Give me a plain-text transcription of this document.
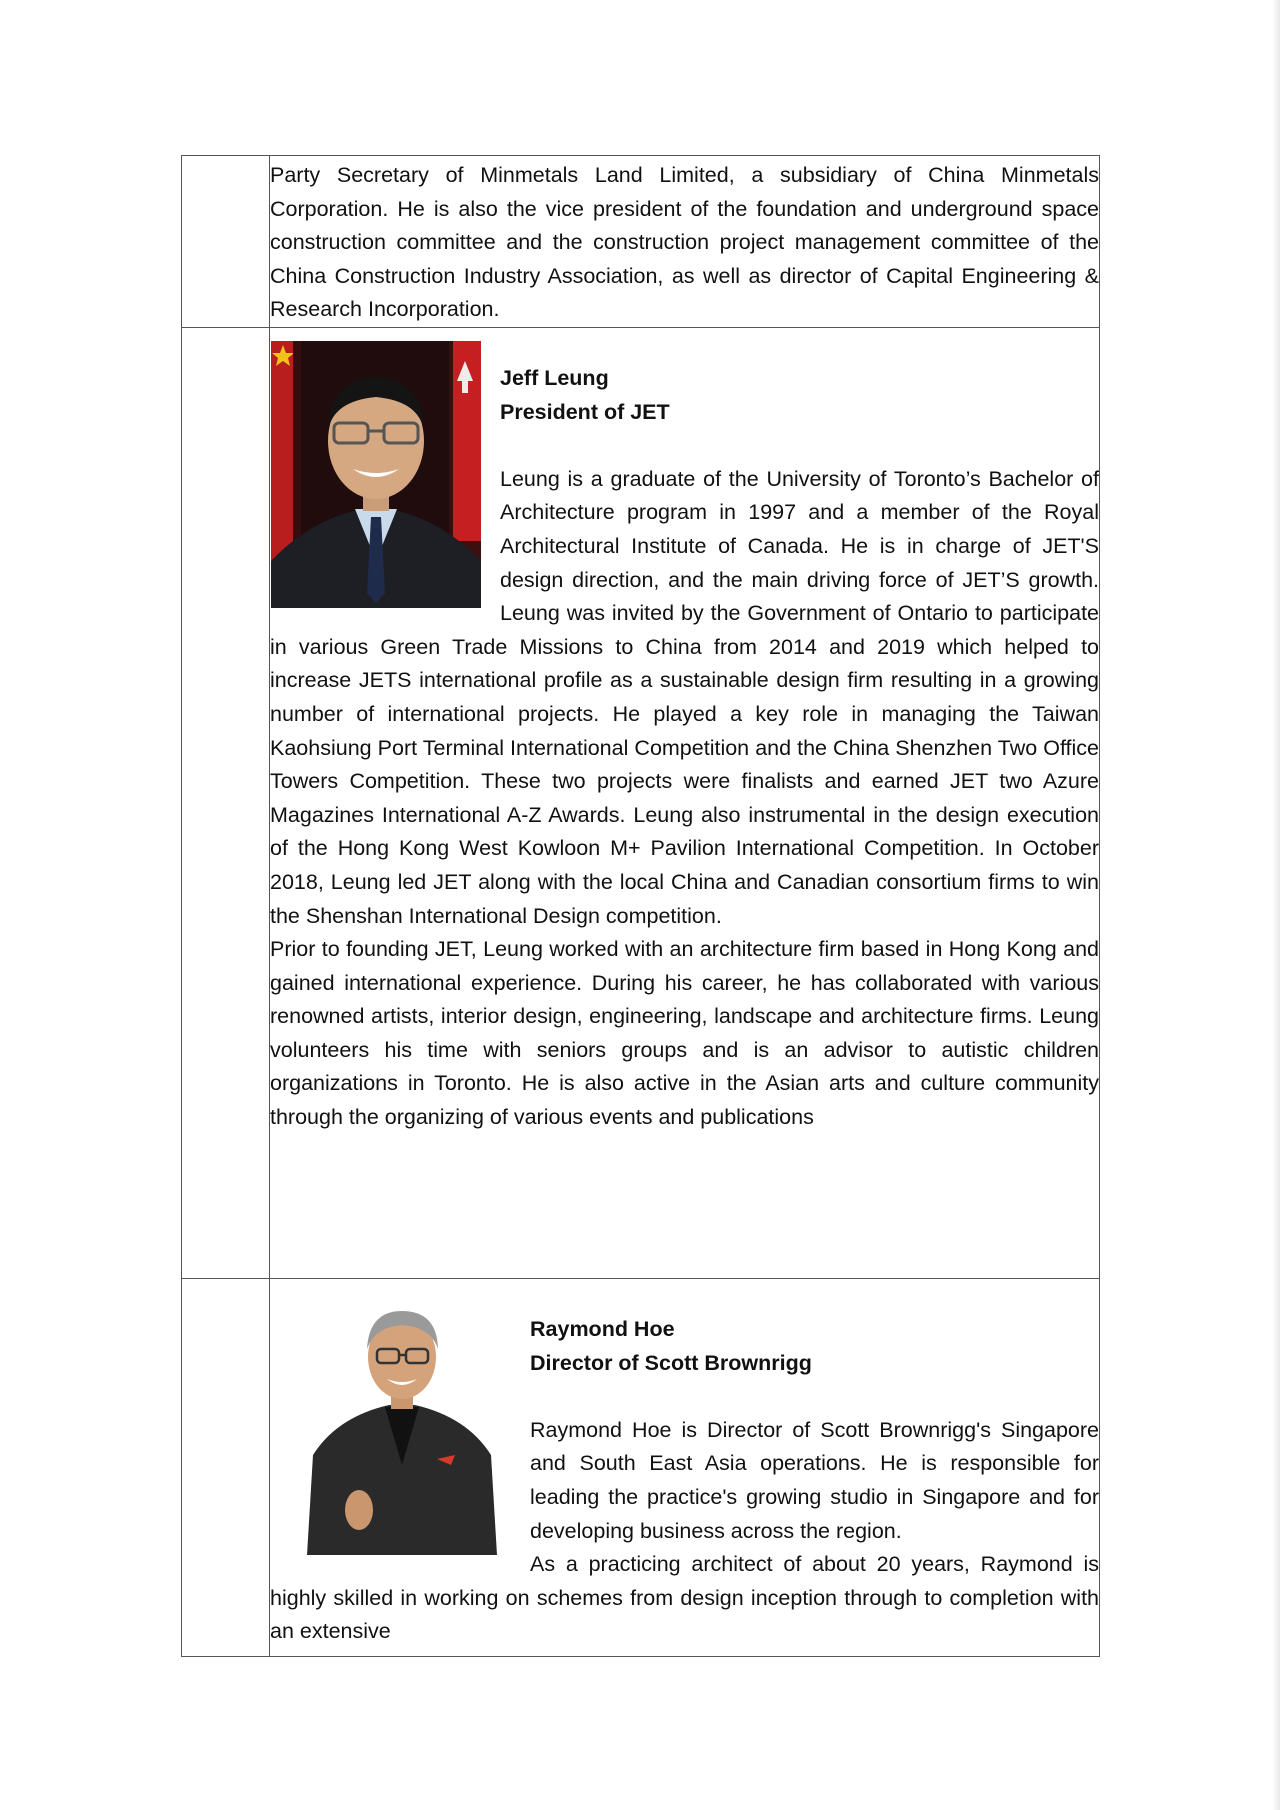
	Party Secretary of Minmetals Land Limited, a subsidiary of China Minmetals Corporation. He is also the vice president of the foundation and underground space construction committee and the construction project management committee of the China Construction Industry Association, as well as director of Capital Engineering & Research Incorporation.

	Jeff Leung

President of JET

Leung is a graduate of the University of Toronto’s Bachelor of Architecture program in 1997 and a member of the Royal Architectural Institute of Canada. He is in charge of JET'S design direction, and the main driving force of JET’S growth. Leung was invited by the Government of Ontario to participate in various Green Trade Missions to China from 2014 and 2019 which helped to increase JETS international profile as a sustainable design firm resulting in a growing number of international projects. He played a key role in managing the Taiwan Kaohsiung Port Terminal International Competition and the China Shenzhen Two Office Towers Competition. These two projects were finalists and earned JET two Azure Magazines International A-Z Awards. Leung also instrumental in the design execution of the Hong Kong West Kowloon M+ Pavilion International Competition. In October 2018, Leung led JET along with the local China and Canadian consortium firms to win the Shenshan International Design competition.

Prior to founding JET, Leung worked with an architecture firm based in Hong Kong and gained international experience. During his career, he has collaborated with various renowned artists, interior design, engineering, landscape and architecture firms. Leung volunteers his time with seniors groups and is an advisor to autistic children organizations in Toronto. He is also active in the Asian arts and culture community through the organizing of various events and publications

	Raymond Hoe

Director of Scott Brownrigg

Raymond Hoe is Director of Scott Brownrigg's Singapore and South East Asia operations. He is responsible for leading the practice's growing studio in Singapore and for developing business across the region.

As a practicing architect of about 20 years, Raymond is highly skilled in working on schemes from design inception through to completion with an extensive
